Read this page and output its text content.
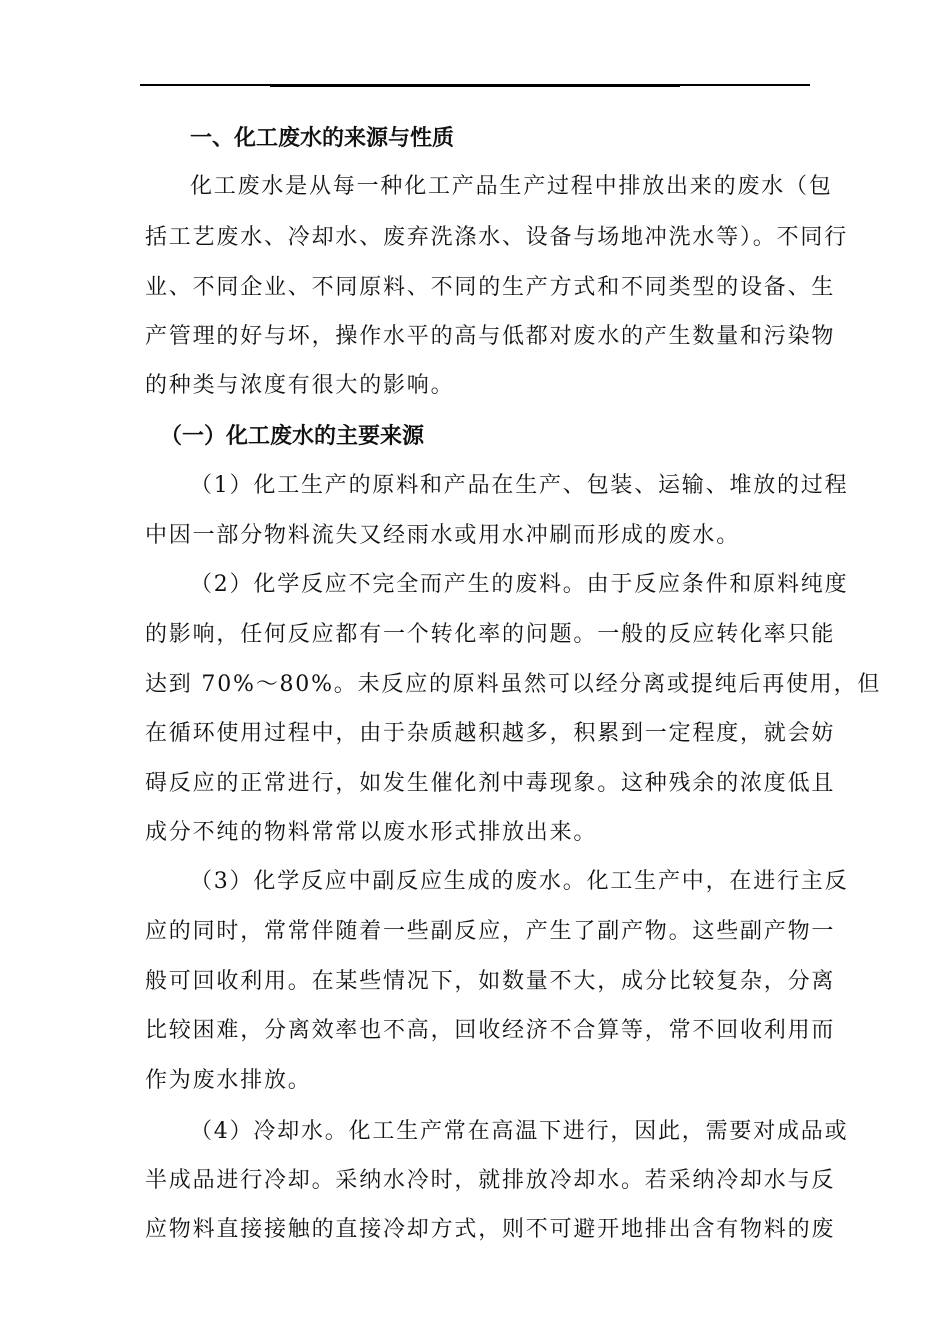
一、化工废水的来源与性质
化工废水是从每一种化工产品生产过程中排放出来的废水（包
括工艺废水、冷却水、废弃洗涤水、设备与场地冲洗水等）。不同行
业、不同企业、不同原料、不同的生产方式和不同类型的设备、生
产管理的好与坏，操作水平的高与低都对废水的产生数量和污染物
的种类与浓度有很大的影响。
（一）化工废水的主要来源
（1）化工生产的原料和产品在生产、包装、运输、堆放的过程
中因一部分物料流失又经雨水或用水冲刷而形成的废水。
（2）化学反应不完全而产生的废料。由于反应条件和原料纯度
的影响，任何反应都有一个转化率的问题。一般的反应转化率只能
达到 70%～80%。未反应的原料虽然可以经分离或提纯后再使用，但
在循环使用过程中，由于杂质越积越多，积累到一定程度，就会妨
碍反应的正常进行，如发生催化剂中毒现象。这种残余的浓度低且
成分不纯的物料常常以废水形式排放出来。
（3）化学反应中副反应生成的废水。化工生产中，在进行主反
应的同时，常常伴随着一些副反应，产生了副产物。这些副产物一
般可回收利用。在某些情况下，如数量不大，成分比较复杂，分离
比较困难，分离效率也不高，回收经济不合算等，常不回收利用而
作为废水排放。
（4）冷却水。化工生产常在高温下进行，因此，需要对成品或
半成品进行冷却。采纳水冷时，就排放冷却水。若采纳冷却水与反
应物料直接接触的直接冷却方式，则不可避开地排出含有物料的废
